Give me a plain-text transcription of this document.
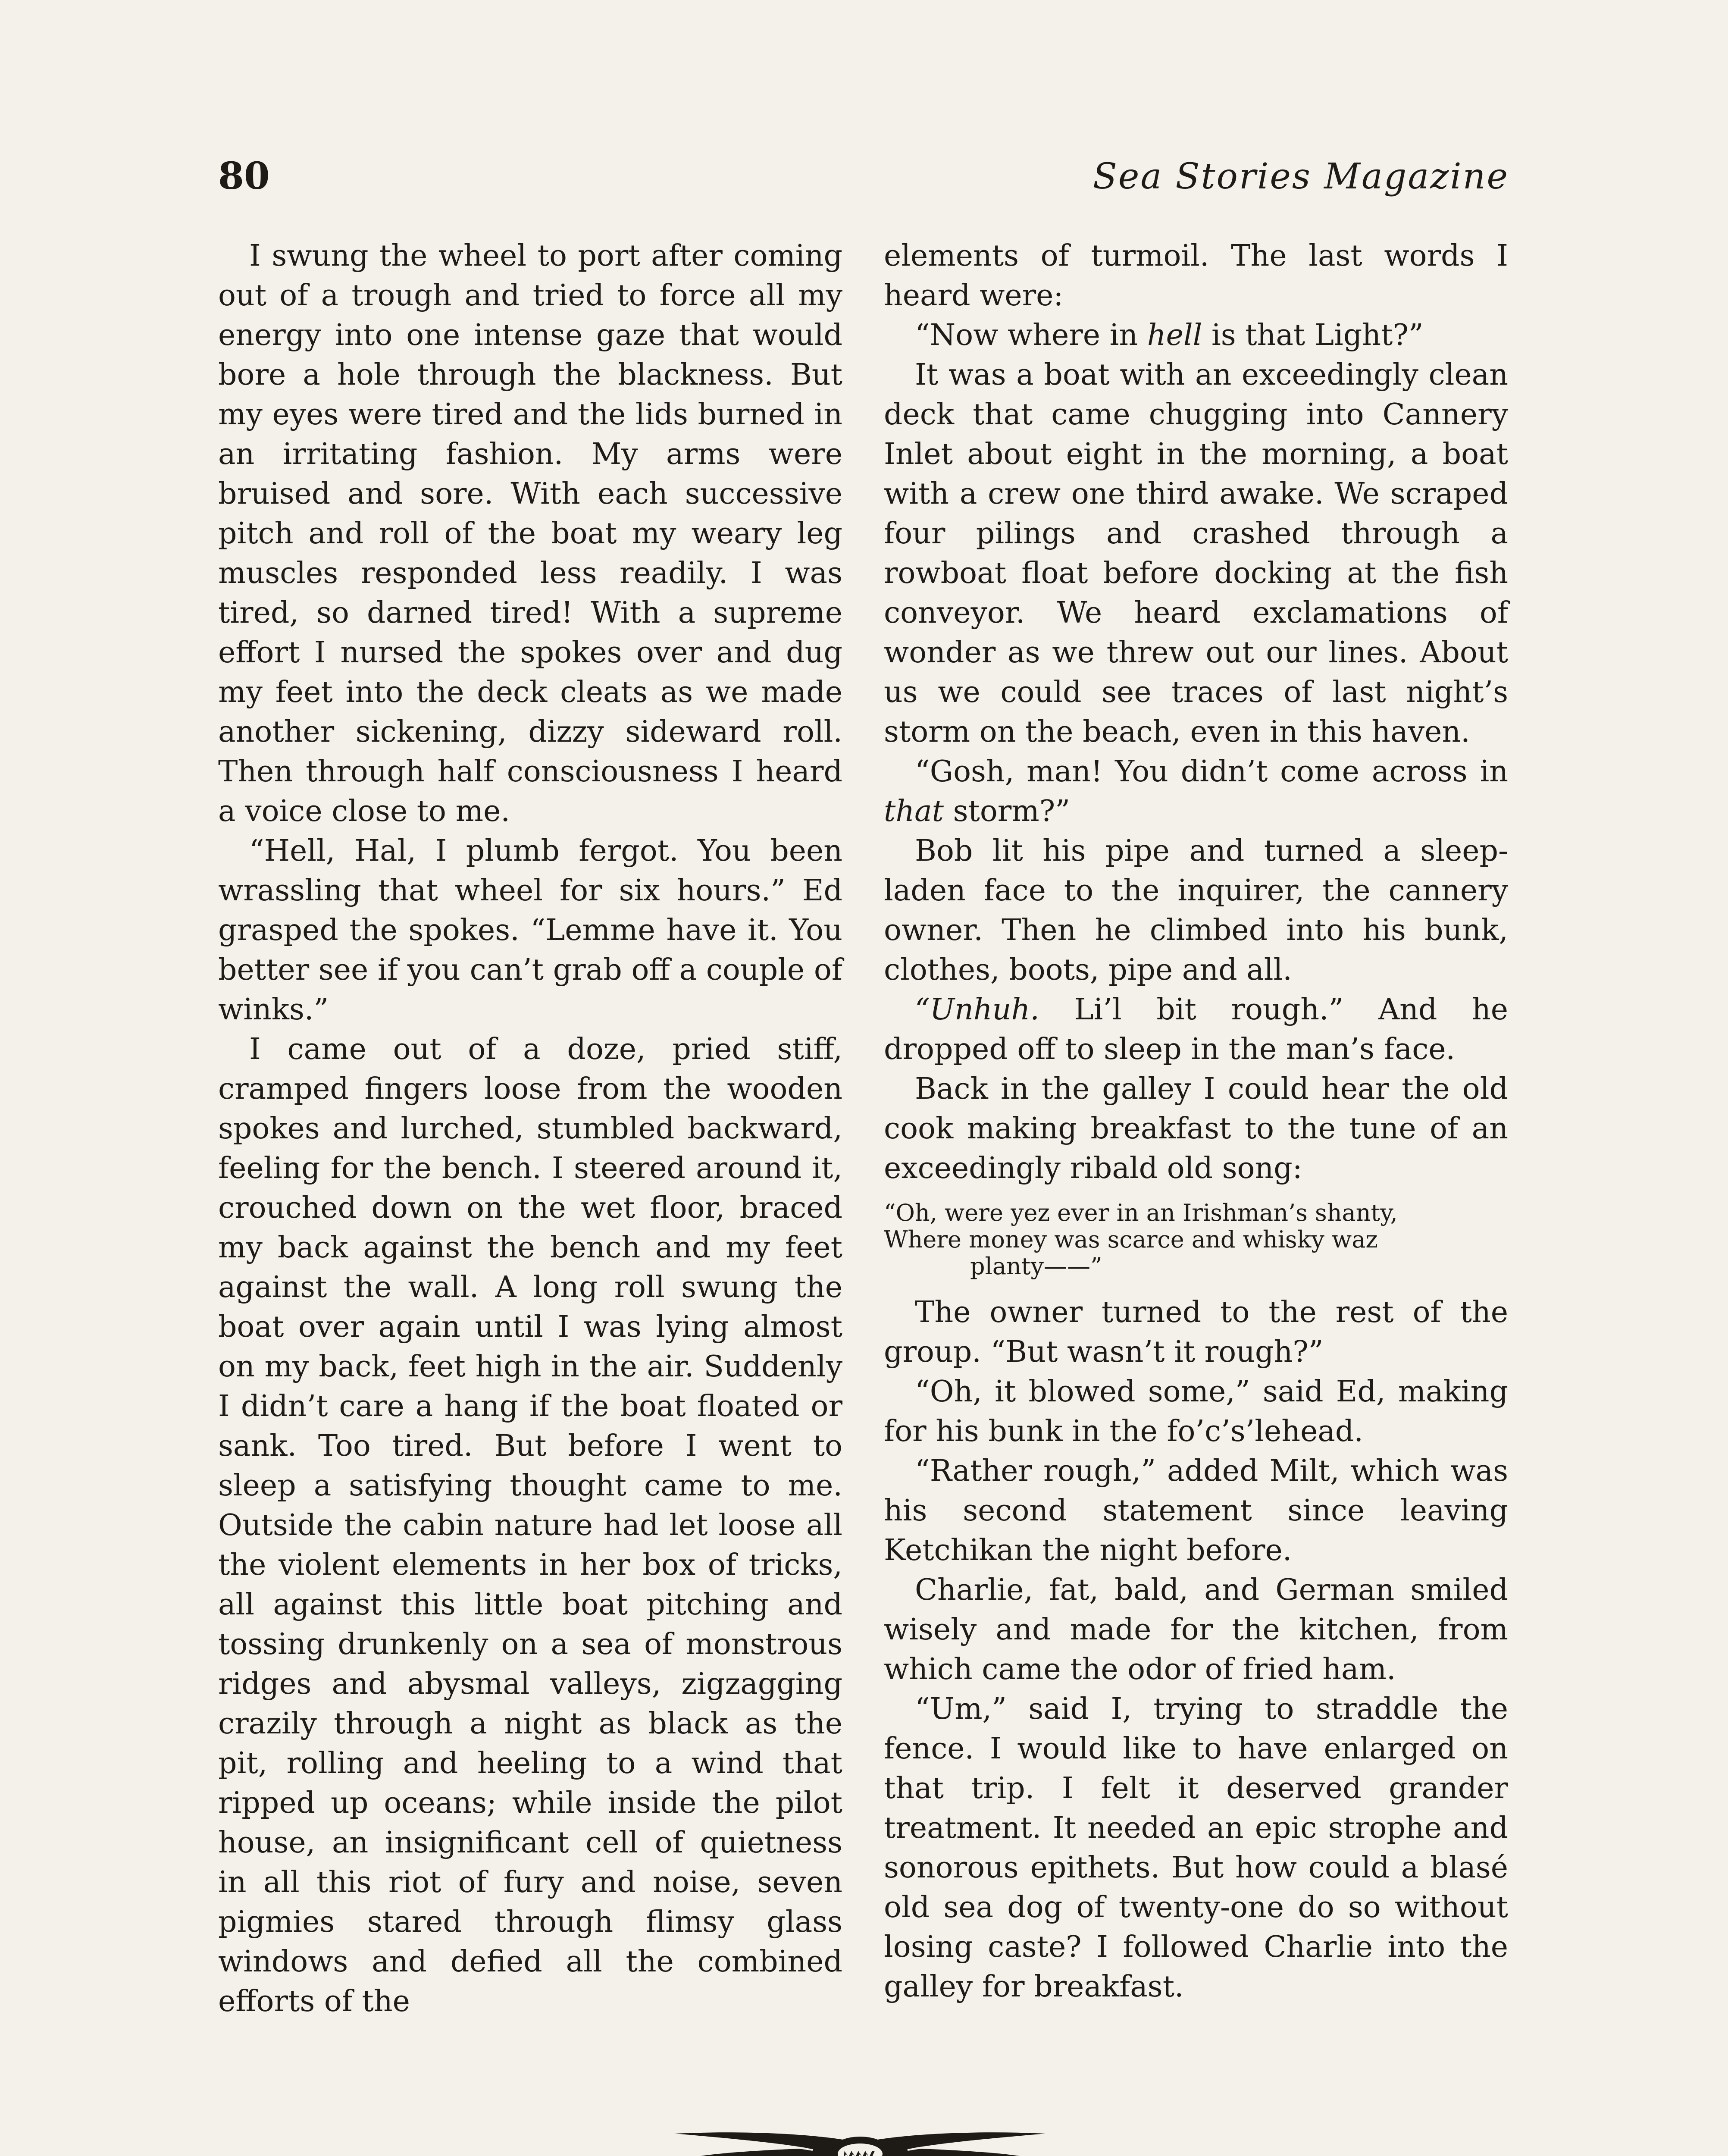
80	Sea Stories Magazine

I swung the wheel to port after coming out of a trough and tried to force all my energy into one intense gaze that would bore a hole through the blackness. But my eyes were tired and the lids burned in an irritating fashion. My arms were bruised and sore. With each successive pitch and roll of the boat my weary leg muscles responded less readily. I was tired, so darned tired! With a supreme effort I nursed the spokes over and dug my feet into the deck cleats as we made another sickening, dizzy sideward roll. Then through half consciousness I heard a voice close to me.

“Hell, Hal, I plumb fergot. You been wrassling that wheel for six hours.” Ed grasped the spokes. “Lemme have it. You better see if you can’t grab off a couple of winks.”

I came out of a doze, pried stiff, cramped fingers loose from the wooden spokes and lurched, stumbled backward, feeling for the bench. I steered around it, crouched down on the wet floor, braced my back against the bench and my feet against the wall. A long roll swung the boat over again until I was lying almost on my back, feet high in the air. Suddenly I didn’t care a hang if the boat floated or sank. Too tired. But before I went to sleep a satisfying thought came to me. Outside the cabin nature had let loose all the violent elements in her box of tricks, all against this little boat pitching and tossing drunkenly on a sea of monstrous ridges and abysmal valleys, zigzagging crazily through a night as black as the pit, rolling and heeling to a wind that ripped up oceans; while inside the pilot house, an insignificant cell of quietness in all this riot of fury and noise, seven pigmies stared through flimsy glass windows and defied all the combined efforts of the

elements of turmoil. The last words I heard were:

“Now where in hell is that Light?”

It was a boat with an exceedingly clean deck that came chugging into Cannery Inlet about eight in the morning, a boat with a crew one third awake. We scraped four pilings and crashed through a rowboat float before docking at the fish conveyor. We heard exclamations of wonder as we threw out our lines. About us we could see traces of last night’s storm on the beach, even in this haven.

“Gosh, man! You didn’t come across in that storm?”

Bob lit his pipe and turned a sleep-laden face to the inquirer, the cannery owner. Then he climbed into his bunk, clothes, boots, pipe and all.

“Unhuh. Li’l bit rough.” And he dropped off to sleep in the man’s face.

Back in the galley I could hear the old cook making breakfast to the tune of an exceedingly ribald old song:

“Oh, were yez ever in an Irishman’s shanty,
Where money was scarce and whisky waz
planty——”

The owner turned to the rest of the group. “But wasn’t it rough?”

“Oh, it blowed some,” said Ed, making for his bunk in the fo’c’s’lehead.

“Rather rough,” added Milt, which was his second statement since leaving Ketchikan the night before.

Charlie, fat, bald, and German smiled wisely and made for the kitchen, from which came the odor of fried ham.

“Um,” said I, trying to straddle the fence. I would like to have enlarged on that trip. I felt it deserved grander treatment. It needed an epic strophe and sonorous epithets. But how could a blasé old sea dog of twenty-one do so without losing caste? I followed Charlie into the galley for breakfast.
